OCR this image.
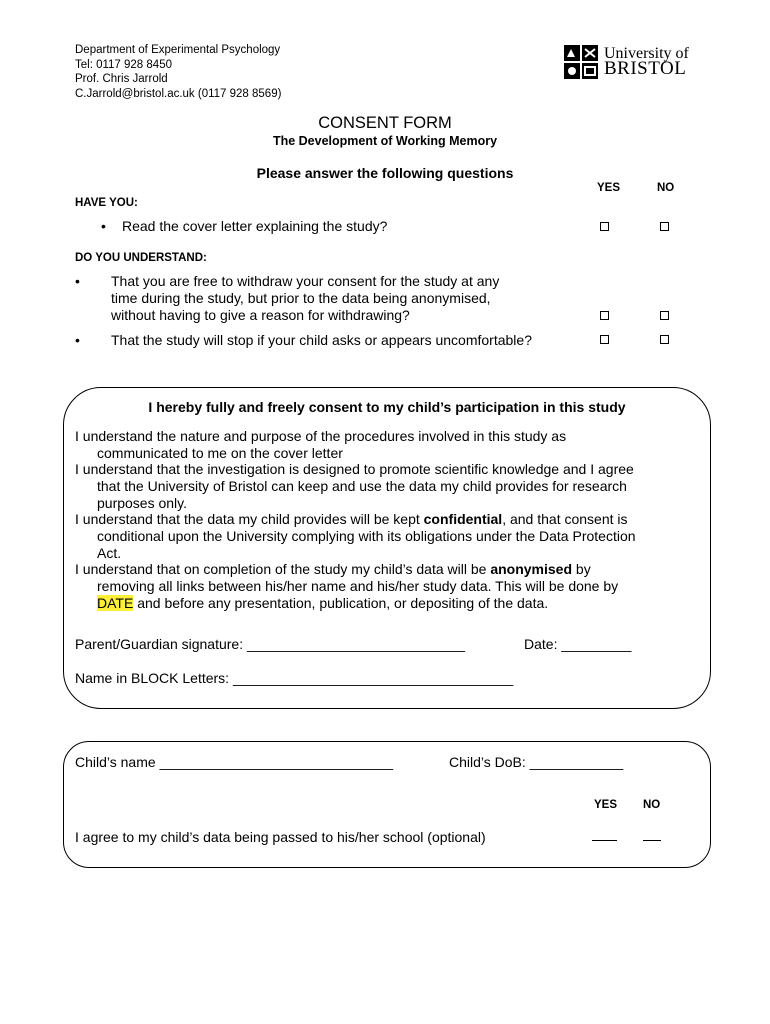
Department of Experimental Psychology
Tel: 0117 928 8450
Prof. Chris Jarrold
C.Jarrold@bristol.ac.uk (0117 928 8569)
University of
BRISTOL
CONSENT FORM
The Development of Working Memory
Please answer the following questions
YES	NO
HAVE YOU:
• Read the cover letter explaining the study?
DO YOU UNDERSTAND:
• That you are free to withdraw your consent for the study at any
time during the study, but prior to the data being anonymised,
without having to give a reason for withdrawing?
• That the study will stop if your child asks or appears uncomfortable?
I hereby fully and freely consent to my child’s participation in this study
I understand the nature and purpose of the procedures involved in this study as
communicated to me on the cover letter
I understand that the investigation is designed to promote scientific knowledge and I agree
that the University of Bristol can keep and use the data my child provides for research
purposes only.
I understand that the data my child provides will be kept confidential, and that consent is
conditional upon the University complying with its obligations under the Data Protection
Act.
I understand that on completion of the study my child’s data will be anonymised by
removing all links between his/her name and his/her study data. This will be done by
DATE and before any presentation, publication, or depositing of the data.
Parent/Guardian signature: ____________________________	Date: _________
Name in BLOCK Letters: ____________________________________
Child’s name ______________________________	Child’s DoB: ____________
YES NO
I agree to my child’s data being passed to his/her school (optional)
